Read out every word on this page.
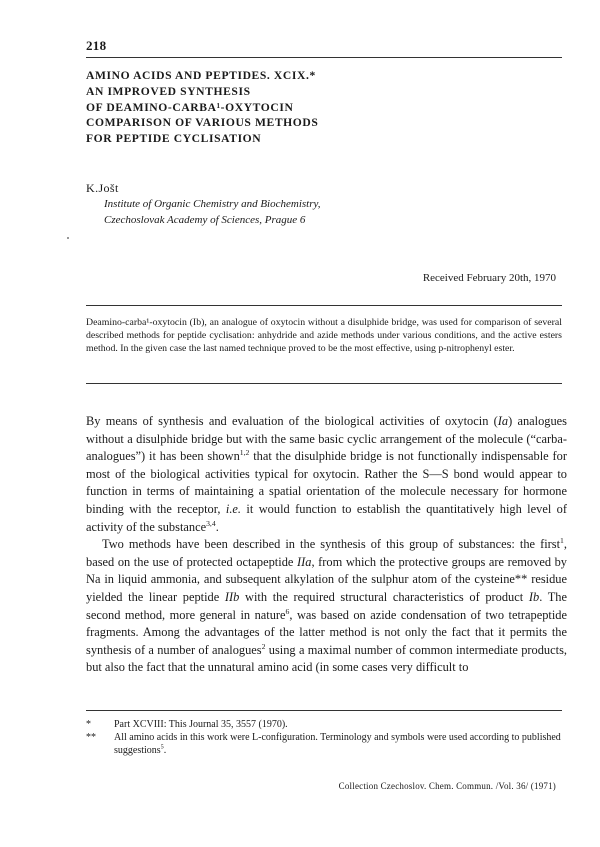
218
AMINO ACIDS AND PEPTIDES. XCIX.*
AN IMPROVED SYNTHESIS
OF DEAMINO-CARBA¹-OXYTOCIN
COMPARISON OF VARIOUS METHODS
FOR PEPTIDE CYCLISATION
K.Jošt
Institute of Organic Chemistry and Biochemistry,
Czechoslovak Academy of Sciences, Prague 6
Received February 20th, 1970
Deamino-carba¹-oxytocin (Ib), an analogue of oxytocin without a disulphide bridge, was used for comparison of several described methods for peptide cyclisation: anhydride and azide methods under various conditions, and the active esters method. In the given case the last named technique proved to be the most effective, using p-nitrophenyl ester.

By means of synthesis and evaluation of the biological activities of oxytocin (Ia) analogues without a disulphide bridge but with the same basic cyclic arrangement of the molecule (“carba-analogues”) it has been shown$^{1,2}$ that the disulphide bridge is not functionally indispensable for most of the biological activities typical for oxytocin. Rather the S—S bond would appear to function in terms of maintaining a spatial orientation of the molecule necessary for hormone binding with the receptor, i.e. it would function to establish the quantitatively high level of activity of the substance$^{3,4}$.

Two methods have been described in the synthesis of this group of substances: the first$^1$, based on the use of protected octapeptide IIa, from which the protective groups are removed by Na in liquid ammonia, and subsequent alkylation of the sulphur atom of the cysteine** residue yielded the linear peptide IIb with the required structural characteristics of product Ib. The second method, more general in nature$^6$, was based on azide condensation of two tetrapeptide fragments. Among the advantages of the latter method is not only the fact that it permits the synthesis of a number of analogues$^2$ using a maximal number of common intermediate products, but also the fact that the unnatural amino acid (in some cases very difficult to

* Part XCVIII: This Journal 35, 3557 (1970).
** All amino acids in this work were L-configuration. Terminology and symbols were used according to published suggestions$^5$.
Collection Czechoslov. Chem. Commun. /Vol. 36/ (1971)
